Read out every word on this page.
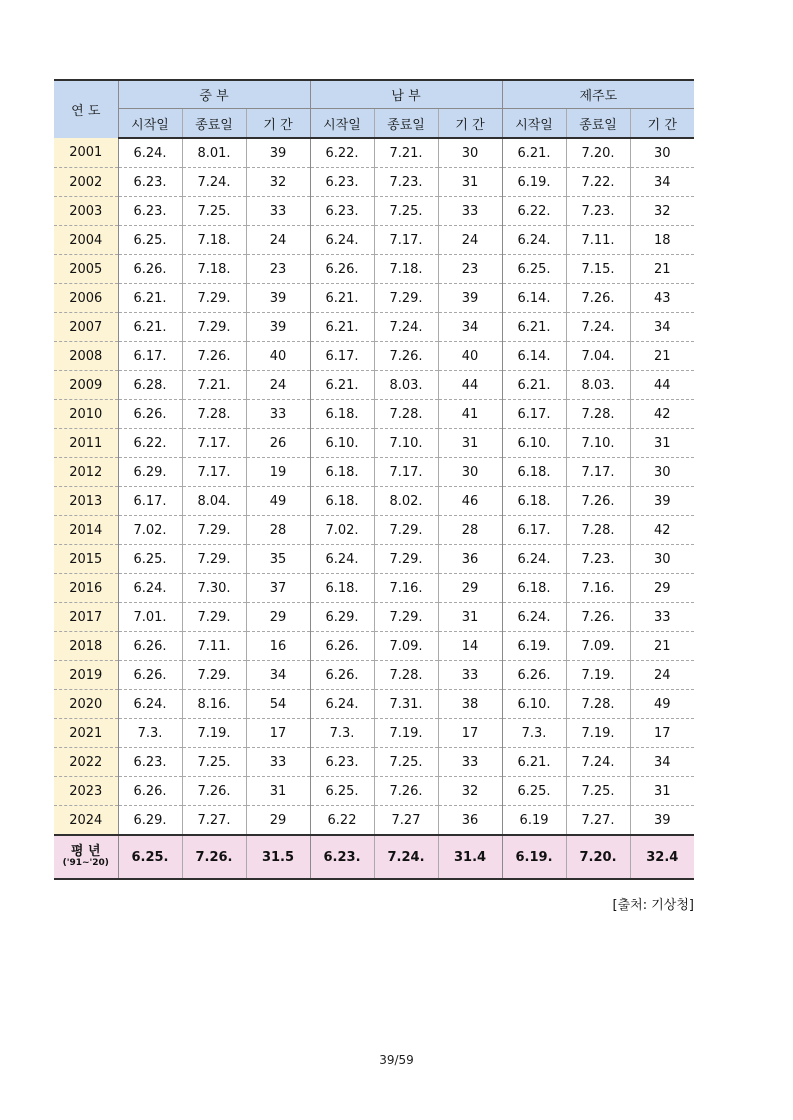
연 도	중 부			남 부			제주도		
	시작일	종료일	기 간	시작일	종료일	기 간	시작일	종료일	기 간
2001	6.24.	8.01.	39	6.22.	7.21.	30	6.21.	7.20.	30
2002	6.23.	7.24.	32	6.23.	7.23.	31	6.19.	7.22.	34
2003	6.23.	7.25.	33	6.23.	7.25.	33	6.22.	7.23.	32
2004	6.25.	7.18.	24	6.24.	7.17.	24	6.24.	7.11.	18
2005	6.26.	7.18.	23	6.26.	7.18.	23	6.25.	7.15.	21
2006	6.21.	7.29.	39	6.21.	7.29.	39	6.14.	7.26.	43
2007	6.21.	7.29.	39	6.21.	7.24.	34	6.21.	7.24.	34
2008	6.17.	7.26.	40	6.17.	7.26.	40	6.14.	7.04.	21
2009	6.28.	7.21.	24	6.21.	8.03.	44	6.21.	8.03.	44
2010	6.26.	7.28.	33	6.18.	7.28.	41	6.17.	7.28.	42
2011	6.22.	7.17.	26	6.10.	7.10.	31	6.10.	7.10.	31
2012	6.29.	7.17.	19	6.18.	7.17.	30	6.18.	7.17.	30
2013	6.17.	8.04.	49	6.18.	8.02.	46	6.18.	7.26.	39
2014	7.02.	7.29.	28	7.02.	7.29.	28	6.17.	7.28.	42
2015	6.25.	7.29.	35	6.24.	7.29.	36	6.24.	7.23.	30
2016	6.24.	7.30.	37	6.18.	7.16.	29	6.18.	7.16.	29
2017	7.01.	7.29.	29	6.29.	7.29.	31	6.24.	7.26.	33
2018	6.26.	7.11.	16	6.26.	7.09.	14	6.19.	7.09.	21
2019	6.26.	7.29.	34	6.26.	7.28.	33	6.26.	7.19.	24
2020	6.24.	8.16.	54	6.24.	7.31.	38	6.10.	7.28.	49
2021	7.3.	7.19.	17	7.3.	7.19.	17	7.3.	7.19.	17
2022	6.23.	7.25.	33	6.23.	7.25.	33	6.21.	7.24.	34
2023	6.26.	7.26.	31	6.25.	7.26.	32	6.25.	7.25.	31
2024	6.29.	7.27.	29	6.22	7.27	36	6.19	7.27.	39

평 년
('91~'20)	6.25.	7.26.	31.5	6.23.	7.24.	31.4	6.19.	7.20.	32.4
[출처: 기상청]
39/59
